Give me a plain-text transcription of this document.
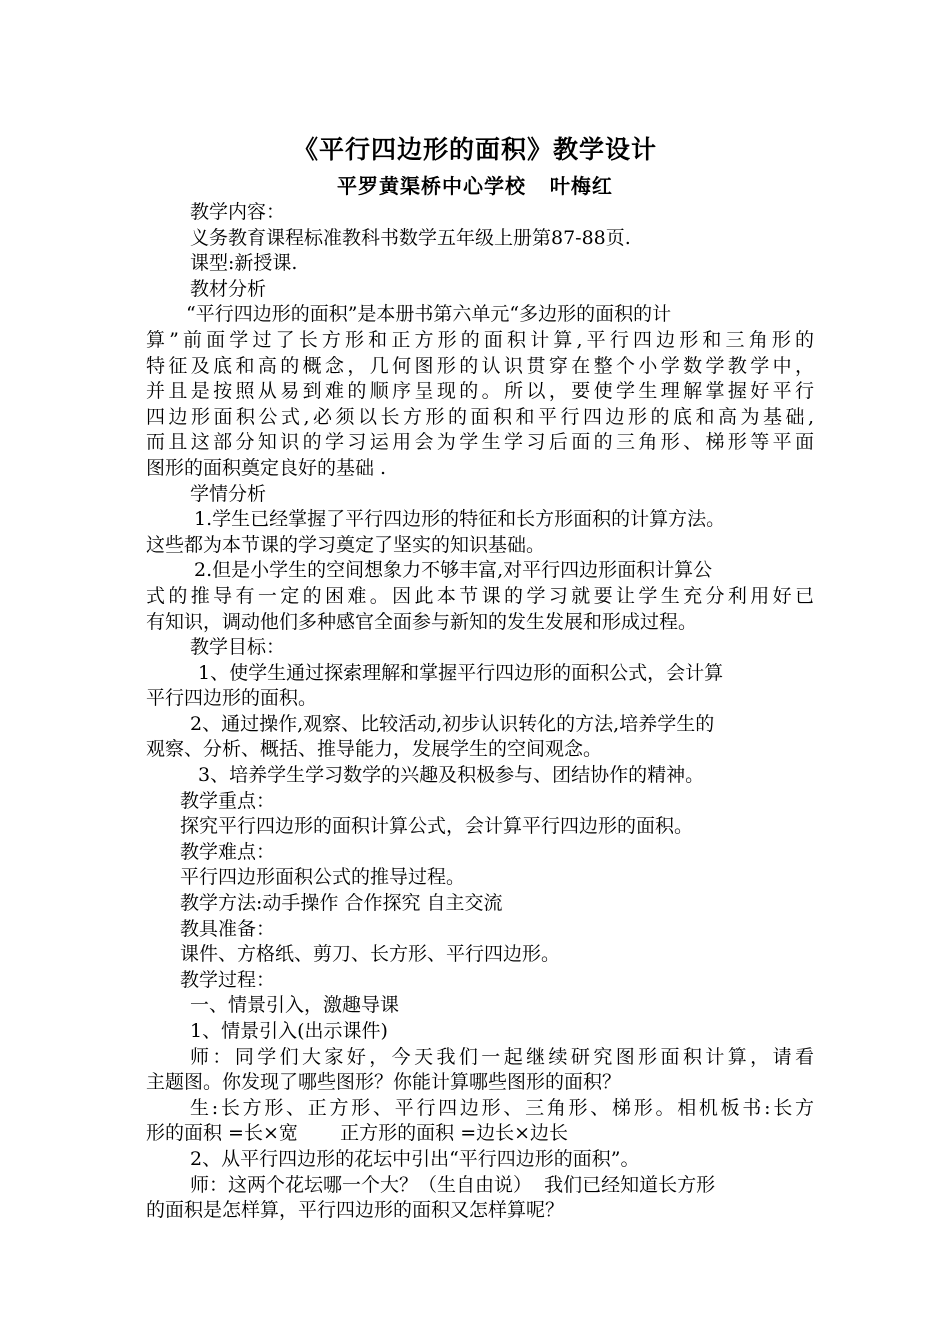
《平行四边形的面积》教学设计
平罗黄渠桥中心学校   叶梅红
教学内容：
义务教育课程标准教科书数学五年级上册第87-88页.
课型:新授课.
教材分析
“平行四边形的面积”是本册书第六单元“多边形的面积的计
算”前面学过了长方形和正方形的面积计算,平行四边形和三角形的
特征及底和高的概念，几何图形的认识贯穿在整个小学数学教学中，
并且是按照从易到难的顺序呈现的。所以，要使学生理解掌握好平行
四边形面积公式,必须以长方形的面积和平行四边形的底和高为基础,
而且这部分知识的学习运用会为学生学习后面的三角形、梯形等平面
图形的面积奠定良好的基础 .
学情分析
1.学生已经掌握了平行四边形的特征和长方形面积的计算方法。
这些都为本节课的学习奠定了坚实的知识基础。
2.但是小学生的空间想象力不够丰富,对平行四边形面积计算公
式的推导有一定的困难。因此本节课的学习就要让学生充分利用好已
有知识，调动他们多种感官全面参与新知的发生发展和形成过程。
教学目标：
1、使学生通过探索理解和掌握平行四边形的面积公式，会计算
平行四边形的面积。
2、通过操作,观察、比较活动,初步认识转化的方法,培养学生的
观察、分析、概括、推导能力，发展学生的空间观念。
3、培养学生学习数学的兴趣及积极参与、团结协作的精神。
教学重点：
探究平行四边形的面积计算公式，会计算平行四边形的面积。
教学难点：
平行四边形面积公式的推导过程。
教学方法:动手操作 合作探究 自主交流
教具准备：
课件、方格纸、剪刀、长方形、平行四边形。
教学过程：
一、情景引入，激趣导课
1、情景引入(出示课件)
师：同学们大家好，今天我们一起继续研究图形面积计算，请看
主题图。你发现了哪些图形？你能计算哪些图形的面积？
生:长方形、正方形、平行四边形、三角形、梯形。相机板书:长方
形的面积 =长×宽       正方形的面积 =边长×边长
2、从平行四边形的花坛中引出“平行四边形的面积”。
师：这两个花坛哪一个大？（生自由说）  我们已经知道长方形
的面积是怎样算，平行四边形的面积又怎样算呢？
